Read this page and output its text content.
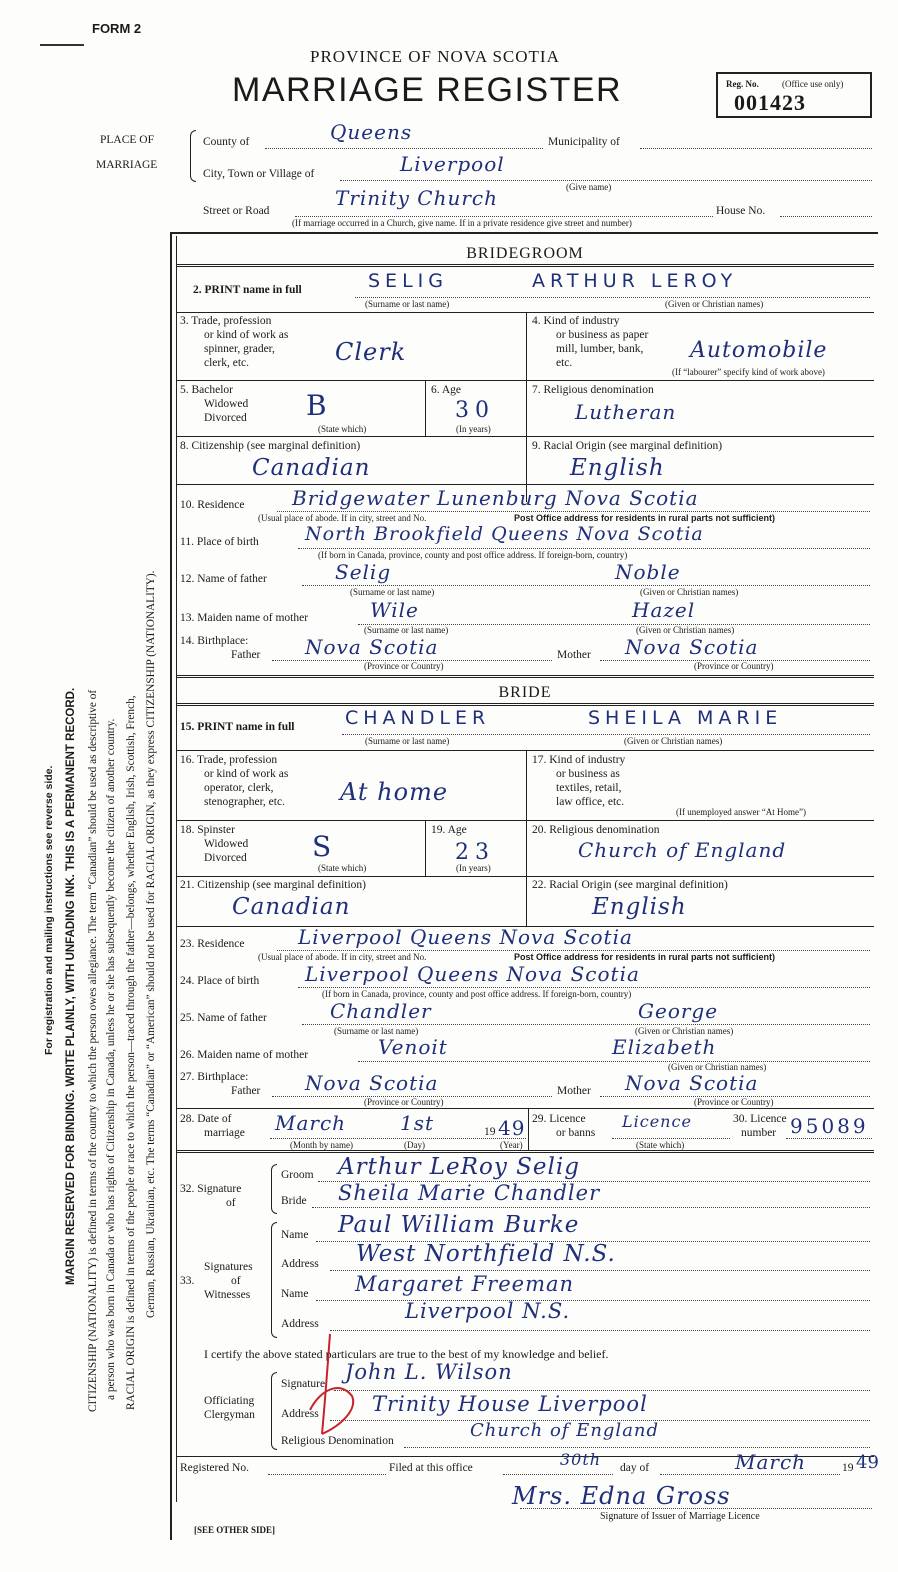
FORM 2
PROVINCE OF NOVA SCOTIA
MARRIAGE REGISTER	Reg. No.	(Office use only)
001423
PLACE OF
MARRIAGE
County of	Queens	Municipality of
City, Town or Village of	Liverpool
(Give name)
Street or Road
Trinity Church
House No.
(If marriage occurred in a Church, give name. If in a private residence give street and number)
For registration and mailing instructions see reverse side. MARGIN RESERVED FOR BINDING. WRITE PLAINLY, WITH UNFADING INK. THIS IS A PERMANENT RECORD. CITIZENSHIP (NATIONALITY) is defined in terms of the country to which the person owes allegiance. The term “Canadian” should be used as descriptive of a person who was born in Canada or who has rights of Citizenship in Canada, unless he or she has subsequently become the citizen of another country. RACIAL ORIGIN is defined in terms of the people or race to which the person—traced through the father—belongs, whether English, Irish, Scottish, French, German, Russian, Ukrainian, etc. The terms “Canadian” or “American” should not be used for RACIAL ORIGIN, as they express CITIZENSHIP (NATIONALITY).
BRIDEGROOM
2. PRINT name in full	SELIG	ARTHUR LEROY
(Surname or last name)	(Given or Christian names)
3. Trade, profession
or kind of work as
spinner, grader,
clerk, etc.	Clerk
4. Kind of industry
or business as paper
mill, lumber, bank,
etc.	Automobile
(If “labourer” specify kind of work above)
5. Bachelor
Widowed
Divorced B
(State which)
6. Age
30
(In years)
7. Religious denomination
Lutheran
8. Citizenship (see marginal definition)
Canadian
9. Racial Origin (see marginal definition)
English
10. Residence Bridgewater Lunenburg Nova Scotia
(Usual place of abode. If in city, street and No.	Post Office address for residents in rural parts not sufficient)
11. Place of birth North Brookfield Queens Nova Scotia
(If born in Canada, province, county and post office address. If foreign-born, country)
12. Name of father	Selig	Noble
(Surname or last name)	(Given or Christian names)
13. Maiden name of mother	Wile	Hazel
(Surname or last name)	(Given or Christian names)
14. Birthplace:
Father Nova Scotia	Mother Nova Scotia
(Province or Country)	(Province or Country)
BRIDE
15. PRINT name in full	CHANDLER	SHEILA MARIE
(Surname or last name)	(Given or Christian names)
16. Trade, profession
or kind of work as
operator, clerk,
stenographer, etc. At home
17. Kind of industry
or business as
textiles, retail,
law office, etc.
(If unemployed answer “At Home”)
18. Spinster
Widowed
Divorced S
(State which)
19. Age
23
(In years)
20. Religious denomination
Church of England
21. Citizenship (see marginal definition)
Canadian
22. Racial Origin (see marginal definition)
English
23. Residence	Liverpool Queens Nova Scotia
(Usual place of abode. If in city, street and No.	Post Office address for residents in rural parts not sufficient)
24. Place of birth Liverpool Queens Nova Scotia
(If born in Canada, province, county and post office address. If foreign-born, country)
25. Name of father	Chandler	George
(Surname or last name)	(Given or Christian names)
26. Maiden name of mother	Venoit	Elizabeth
(Given or Christian names)
27. Birthplace:
Father Nova Scotia	Mother Nova Scotia
(Province or Country)	(Province or Country)
28. Date of
marriage March	1st	19 49
(Month by name)	(Day)	(Year)
29. Licence
or banns
Licence
(State which)
30. Licence
number 95089
32. Signature
of
Groom Arthur LeRoy Selig
Bride Sheila Marie Chandler
Signatures
of
Witnesses
33.
Name Paul William Burke
Address West Northfield N.S.
Name Margaret Freeman
Address
Liverpool N.S.
I certify the above stated particulars are true to the best of my knowledge and belief.
Officiating
Clergyman
Signature John L. Wilson
Address	Trinity House Liverpool
Religious Denomination	Church of England
Registered No.	Filed at this office	30th day of	March	19 49
Mrs. Edna Gross
Signature of Issuer of Marriage Licence
[SEE OTHER SIDE]
